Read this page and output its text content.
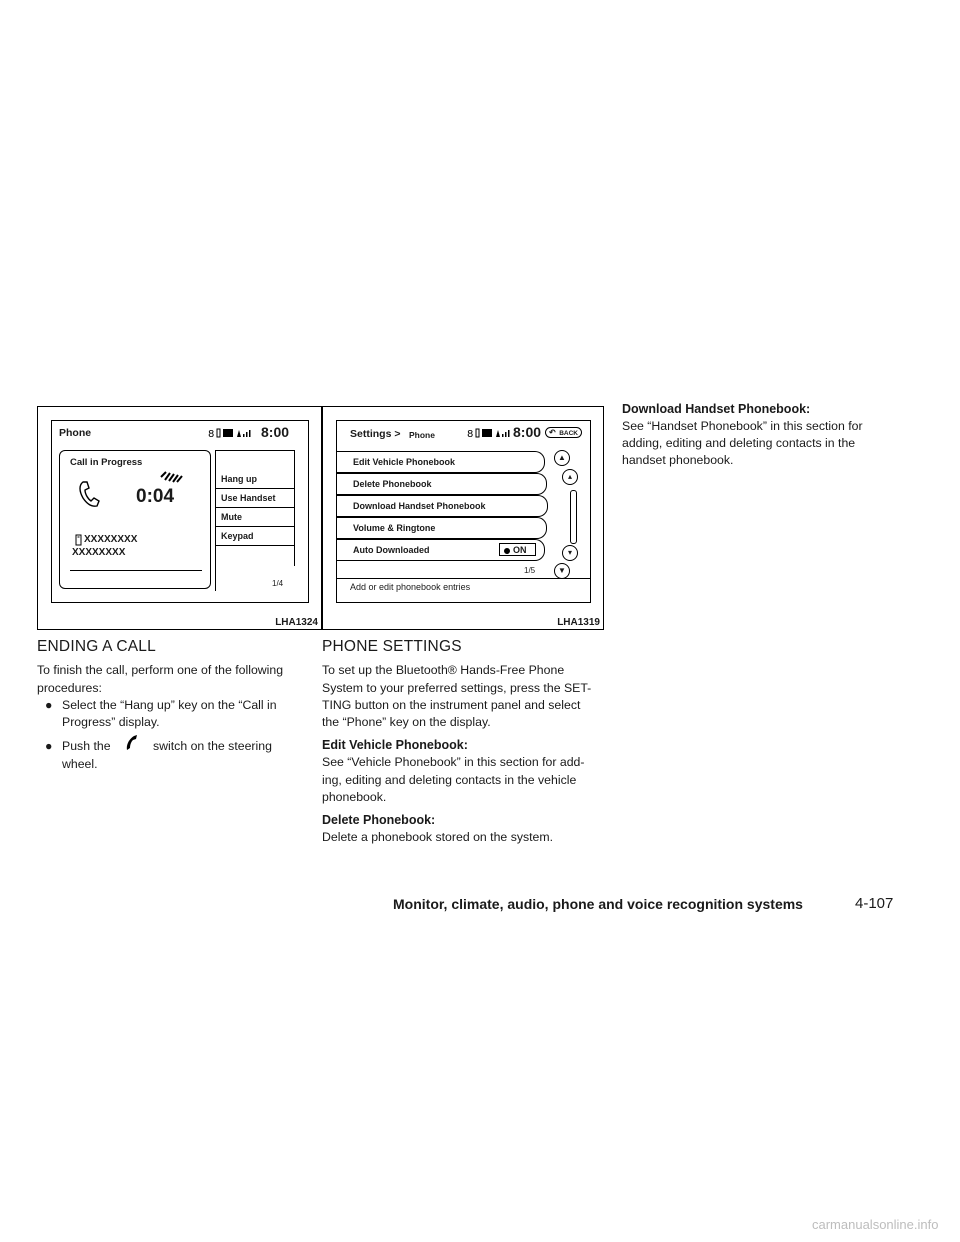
Phone	8	8:00
Call in Progress
0:04
XXXXXXXX
XXXXXXXX
Hang up
Use Handset
Mute
Keypad
1/4
LHA1324
Settings > Phone	8	8:00 ↶ BACK
Edit Vehicle Phonebook
Delete Phonebook
Download Handset Phonebook
Volume & Ringtone
Auto Downloaded	ON
▲
▴
▾
▼
1/5
Add or edit phonebook entries
LHA1319
ENDING A CALL
To finish the call, perform one of the following
procedures:
● Select the “Hang up” key on the “Call in
Progress” display.
● Push the	switch on the steering
wheel.
PHONE SETTINGS
To set up the Bluetooth® Hands-Free Phone
System to your preferred settings, press the SET-
TING button on the instrument panel and select
the “Phone” key on the display.
Edit Vehicle Phonebook:
See “Vehicle Phonebook” in this section for add-
ing, editing and deleting contacts in the vehicle
phonebook.
Delete Phonebook:
Delete a phonebook stored on the system.
Download Handset Phonebook:
See “Handset Phonebook” in this section for
adding, editing and deleting contacts in the
handset phonebook.
Monitor, climate, audio, phone and voice recognition systems	4-107
carmanualsonline.info
